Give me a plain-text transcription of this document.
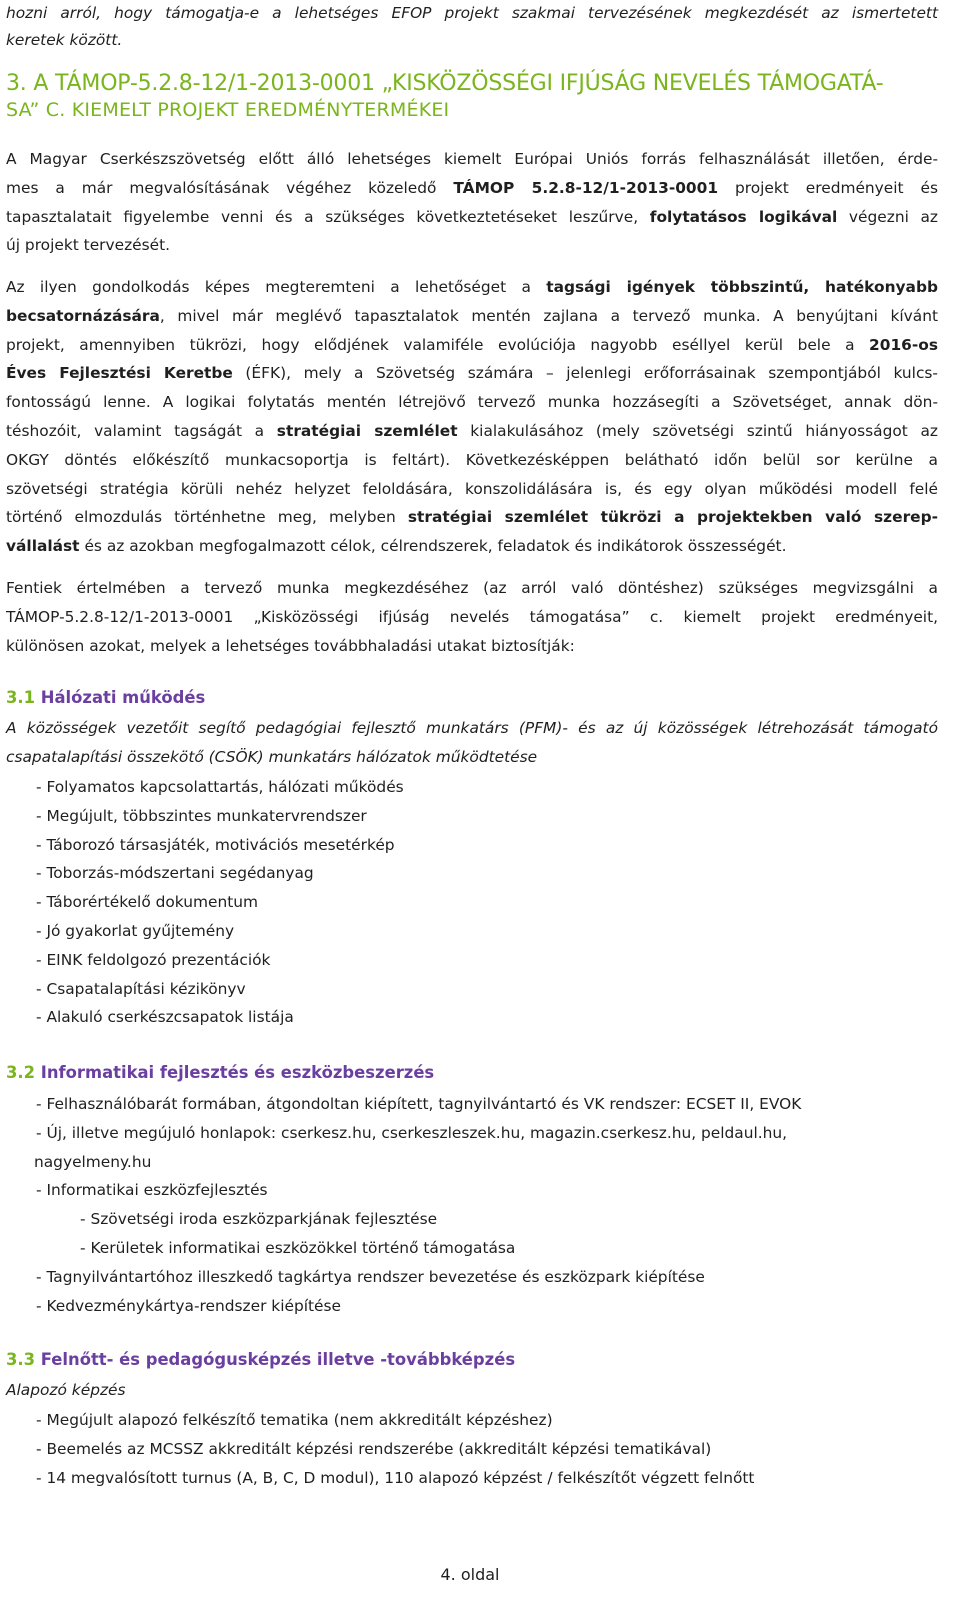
hozni arról, hogy támogatja-e a lehetséges EFOP projekt szakmai tervezésének megkezdését az ismertetett
keretek között.
3. A TÁMOP-5.2.8-12/1-2013-0001 „KISKÖZÖSSÉGI IFJÚSÁG NEVELÉS TÁMOGATÁ-
SA” C. KIEMELT PROJEKT EREDMÉNYTERMÉKEI
A Magyar Cserkészszövetség előtt álló lehetséges kiemelt Európai Uniós forrás felhasználását illetően, érde-
mes a már megvalósításának végéhez közeledő TÁMOP 5.2.8-12/1-2013-0001 projekt eredményeit és
tapasztalatait figyelembe venni és a szükséges következtetéseket leszűrve, folytatásos logikával végezni az
új projekt tervezését.
Az ilyen gondolkodás képes megteremteni a lehetőséget a tagsági igények többszintű, hatékonyabb
becsatornázására, mivel már meglévő tapasztalatok mentén zajlana a tervező munka. A benyújtani kívánt
projekt, amennyiben tükrözi, hogy elődjének valamiféle evolúciója nagyobb eséllyel kerül bele a 2016-os
Éves Fejlesztési Keretbe (ÉFK), mely a Szövetség számára – jelenlegi erőforrásainak szempontjából kulcs-
fontosságú lenne. A logikai folytatás mentén létrejövő tervező munka hozzásegíti a Szövetséget, annak dön-
téshozóit, valamint tagságát a stratégiai szemlélet kialakulásához (mely szövetségi szintű hiányosságot az
OKGY döntés előkészítő munkacsoportja is feltárt). Következésképpen belátható időn belül sor kerülne a
szövetségi stratégia körüli nehéz helyzet feloldására, konszolidálására is, és egy olyan működési modell felé
történő elmozdulás történhetne meg, melyben stratégiai szemlélet tükrözi a projektekben való szerep-
vállalást és az azokban megfogalmazott célok, célrendszerek, feladatok és indikátorok összességét.
Fentiek értelmében a tervező munka megkezdéséhez (az arról való döntéshez) szükséges megvizsgálni a
TÁMOP-5.2.8-12/1-2013-0001 „Kisközösségi ifjúság nevelés támogatása” c. kiemelt projekt eredményeit,
különösen azokat, melyek a lehetséges továbbhaladási utakat biztosítják:
3.1 Hálózati működés
A közösségek vezetőit segítő pedagógiai fejlesztő munkatárs (PFM)- és az új közösségek létrehozását támogató
csapatalapítási összekötő (CSÖK) munkatárs hálózatok működtetése
- Folyamatos kapcsolattartás, hálózati működés
- Megújult, többszintes munkatervrendszer
- Táborozó társasjáték, motivációs mesetérkép
- Toborzás-módszertani segédanyag
- Táborértékelő dokumentum
- Jó gyakorlat gyűjtemény
- EINK feldolgozó prezentációk
- Csapatalapítási kézikönyv
- Alakuló cserkészcsapatok listája
3.2 Informatikai fejlesztés és eszközbeszerzés
- Felhasználóbarát formában, átgondoltan kiépített, tagnyilvántartó és VK rendszer: ECSET II, EVOK
- Új, illetve megújuló honlapok: cserkesz.hu, cserkeszleszek.hu, magazin.cserkesz.hu, peldaul.hu,
nagyelmeny.hu
- Informatikai eszközfejlesztés
- Szövetségi iroda eszközparkjának fejlesztése
- Kerületek informatikai eszközökkel történő támogatása
- Tagnyilvántartóhoz illeszkedő tagkártya rendszer bevezetése és eszközpark kiépítése
- Kedvezménykártya-rendszer kiépítése
3.3 Felnőtt- és pedagógusképzés illetve -továbbképzés
Alapozó képzés
- Megújult alapozó felkészítő tematika (nem akkreditált képzéshez)
- Beemelés az MCSSZ akkreditált képzési rendszerébe (akkreditált képzési tematikával)
- 14 megvalósított turnus (A, B, C, D modul), 110 alapozó képzést / felkészítőt végzett felnőtt
4. oldal
